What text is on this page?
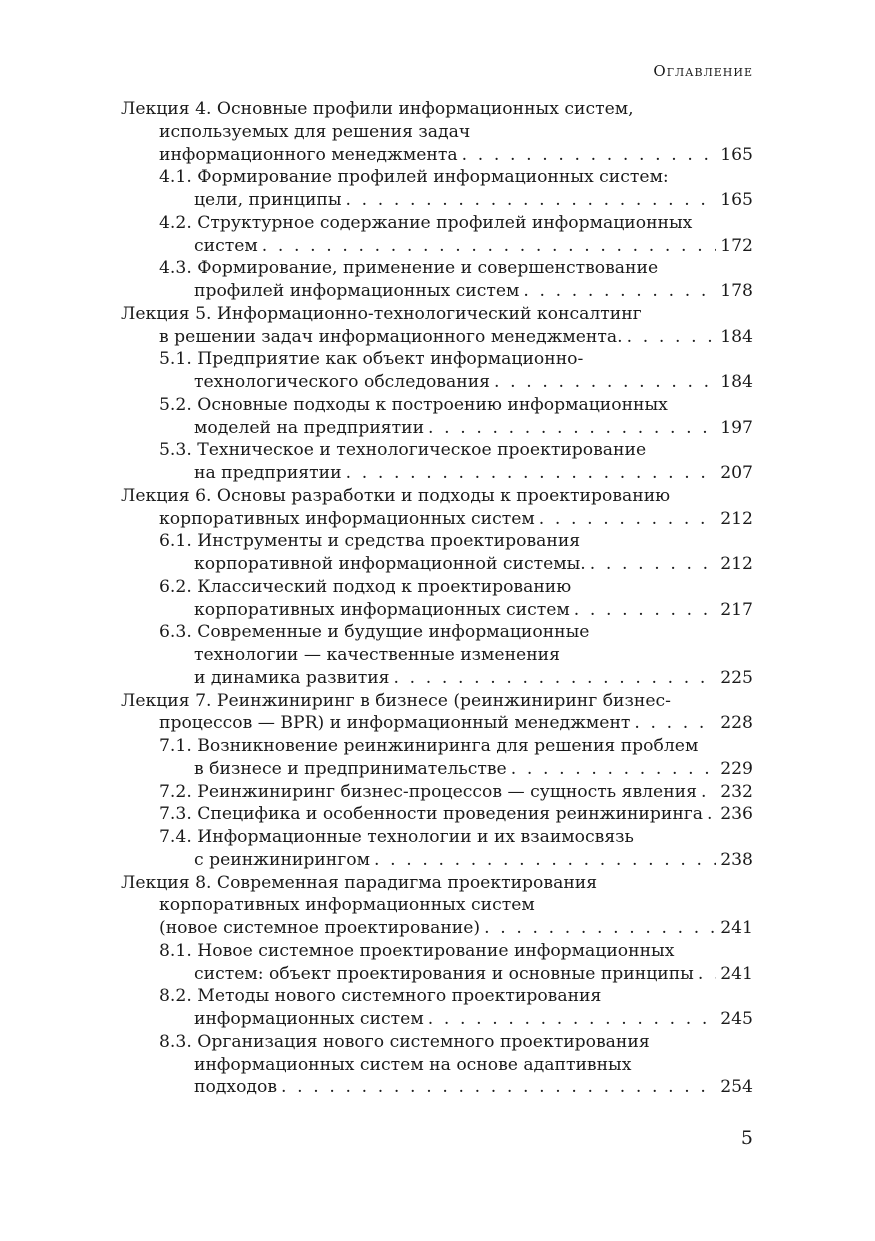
Оглавление
Лекция 4. Основные профили информационных систем,
используемых для решения задач
информационного менеджмента . . .	165
4.1. Формирование профилей информационных систем:
цели, принципы . . .	165
4.2. Структурное содержание профилей информационных
систем . . .	172
4.3. Формирование, применение и совершенствование
профилей информационных систем . . .	178
Лекция 5. Информационно-технологический консалтинг
в решении задач информационного менеджмента. . . .	184
5.1. Предприятие как объект информационно-
технологического обследования . . .	184
5.2. Основные подходы к построению информационных
моделей на предприятии . . .	197
5.3. Техническое и технологическое проектирование
на предприятии . . .	207
Лекция 6. Основы разработки и подходы к проектированию
корпоративных информационных систем . . .	212
6.1. Инструменты и средства проектирования
корпоративной информационной системы. . . .	212
6.2. Классический подход к проектированию
корпоративных информационных систем . . .	217
6.3. Современные и будущие информационные
технологии — качественные изменения
и динамика развития . . .	225
Лекция 7. Реинжиниринг в бизнесе (реинжиниринг бизнес-
процессов — BPR) и информационный менеджмент . . .	228
7.1. Возникновение реинжиниринга для решения проблем
в бизнесе и предпринимательстве . . .	229
7.2. Реинжиниринг бизнес-процессов — сущность явления . . . 232
7.3. Специфика и особенности проведения реинжиниринга . . . 236
7.4. Информационные технологии и их взаимосвязь
с реинжинирингом . . .	238
Лекция 8. Современная парадигма проектирования
корпоративных информационных систем
(новое системное проектирование) . . .	241
8.1. Новое системное проектирование информационных
систем: объект проектирования и основные принципы . . . 241
8.2. Методы нового системного проектирования
информационных систем . . .	245
8.3. Организация нового системного проектирования
информационных систем на основе адаптивных
подходов . . .	254
5
